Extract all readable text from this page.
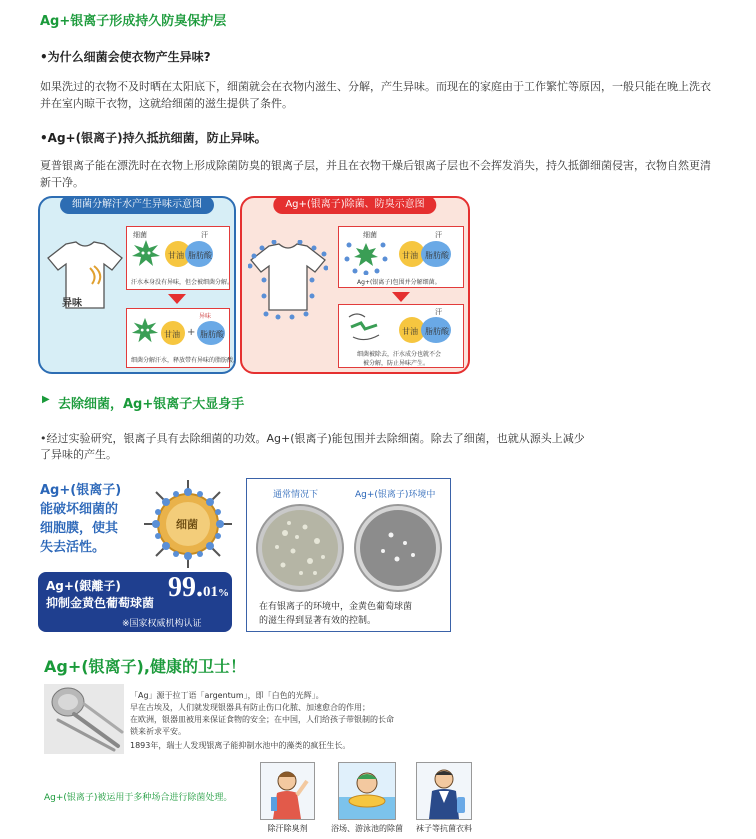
Ag+银离子形成持久防臭保护层
•为什么细菌会使衣物产生异味?
如果洗过的衣物不及时晒在太阳底下，细菌就会在衣物内滋生、分解，产生异味。而现在的家庭由于工作繁忙等原因，一般只能在晚上洗衣并在室内晾干衣物，这就给细菌的滋生提供了条件。
•Ag+(银离子)持久抵抗细菌，防止异味。
夏普银离子能在漂洗时在衣物上形成除菌防臭的银离子层，并且在衣物干燥后银离子层也不会挥发消失，持久抵御细菌侵害，衣物自然更清新干净。
细菌分解汗水产生异味示意图
异味
细菌	汗
甘油 脂肪酸
汗水本身没有异味，但会被细菌分解。
甘油 + 脂肪酸
异味
细菌分解汗水，释放带有异味的脂肪酸。
Ag+(银离子)除菌、防臭示意图
细菌	汗
甘油 脂肪酸
Ag+(银离子)包围并分解细菌。
汗
甘油 脂肪酸
细菌被除去，汗水成分也就不会
被分解，防止异味产生。
▶ 去除细菌，Ag+银离子大显身手
•经过实验研究，银离子具有去除细菌的功效。Ag+(银离子)能包围并去除细菌。除去了细菌，也就从源头上减少
了异味的产生。
Ag+(银离子)
能破坏细菌的
细胞膜，使其
失去活性。
细菌
Ag+(銀離子)
抑制金黄色葡萄球菌 99.01%
※国家权威机构认证
通常情况下	Ag+(银离子)环境中
在有银离子的环境中，金黄色葡萄球菌
的滋生得到显著有效的控制。
Ag+(银离子),健康的卫士！
「Ag」源于拉丁语「argentum」，即「白色的光辉」。
早在古埃及，人们就发现银器具有防止伤口化脓、加速愈合的作用；
在欧洲，银器皿被用来保证食物的安全；在中国，人们给孩子带银制的长命
锁来祈求平安。
1893年，瑞士人发现银离子能抑制水池中的藻类的疯狂生长。
Ag+(银离子)被运用于多种场合进行除菌处理。
除汗除臭剂	浴场、游泳池的除菌	袜子等抗菌衣料
